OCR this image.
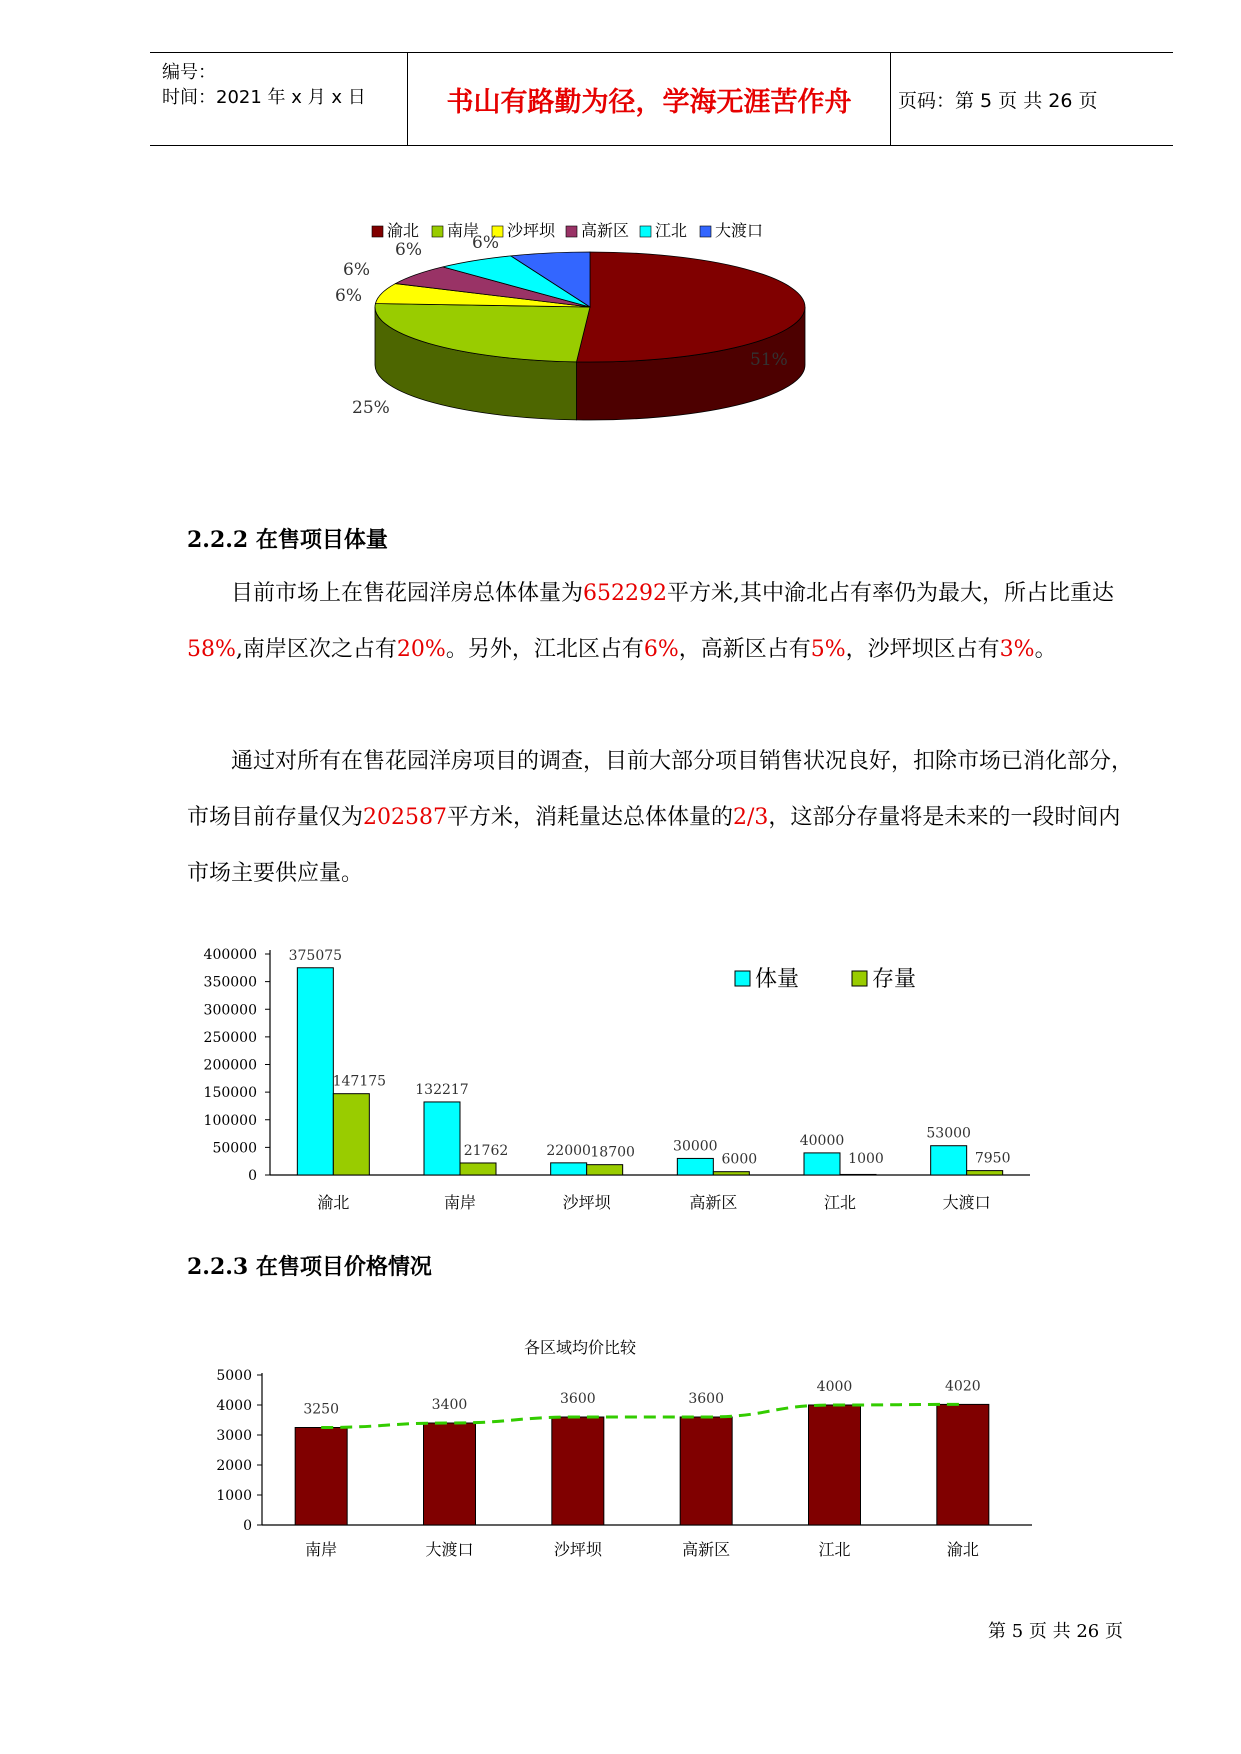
编号：
时间：2021 年 x 月 x 日	书山有路勤为径，学海无涯苦作舟	页码：第 5 页 共 26 页
渝北 南岸 沙坪坝 高新区 江北 大渡口
51%
25%
6%
6%
6%	6%
2.2.2 在售项目体量

目前市场上在售花园洋房总体体量为652292平方米,其中渝北占有率仍为最大，所占比重达58%,南岸区次之占有20%。另外，江北区占有6%，高新区占有5%，沙坪坝区占有3%。

通过对所有在售花园洋房项目的调查，目前大部分项目销售状况良好，扣除市场已消化部分，市场目前存量仅为202587平方米，消耗量达总体体量的2/3，这部分存量将是未来的一段时间内市场主要供应量。

400000
350000
300000
250000
200000
150000
100000
50000
0
渝北
375075
147175
南岸
132217
21762
沙坪坝
22000 18700
高新区
30000
6000
江北
40000
1000
大渡口
53000
7950
体量	存量
2.2.3 在售项目价格情况
各区域均价比较
5000
4000
3000
2000
1000
0
3250
南岸
3400
大渡口
3600
沙坪坝
3600
高新区
4000
江北
4020
渝北
第 5 页 共 26 页
